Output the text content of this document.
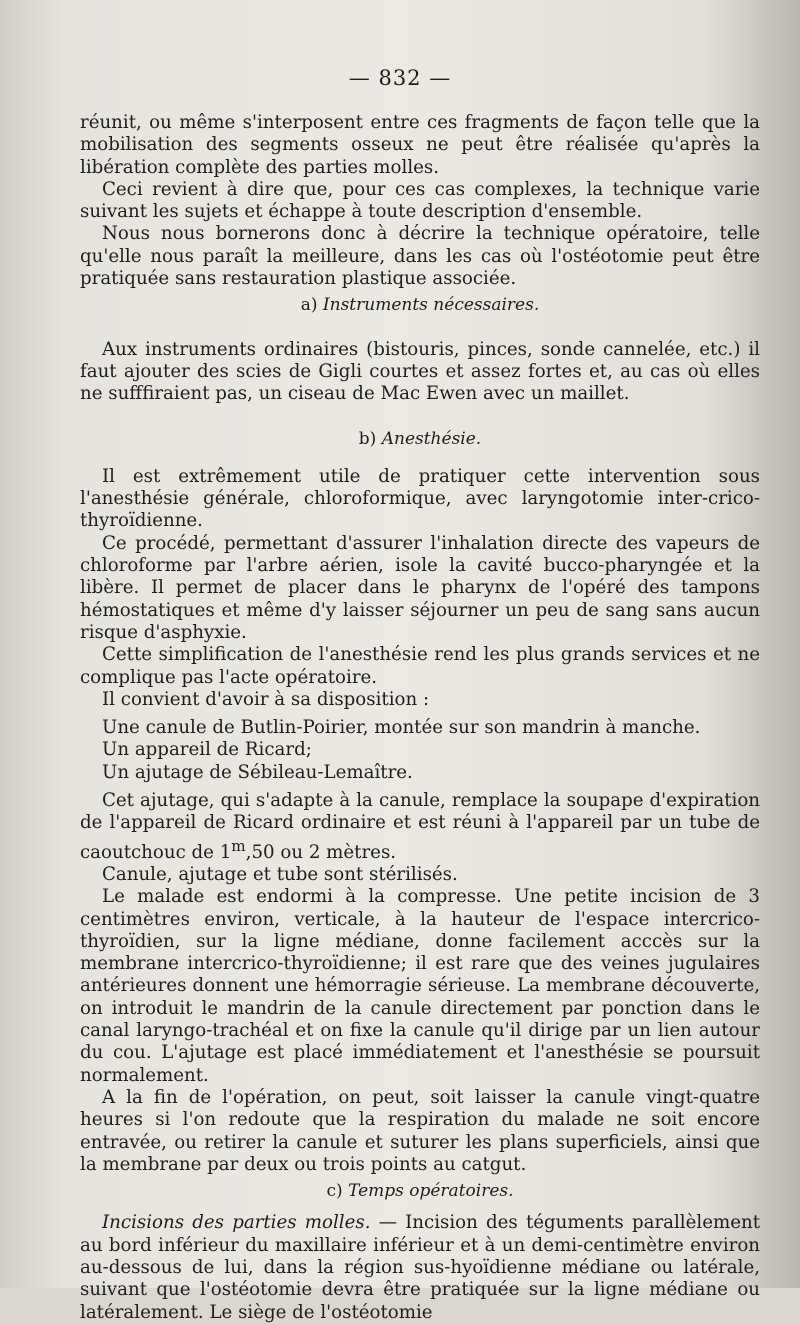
— 832 —

réunit, ou même s'interposent entre ces fragments de façon telle que la mobilisation des segments osseux ne peut être réalisée qu'après la libération complète des parties molles.

Ceci revient à dire que, pour ces cas complexes, la technique varie suivant les sujets et échappe à toute description d'ensemble.

Nous nous bornerons donc à décrire la technique opératoire, telle qu'elle nous paraît la meilleure, dans les cas où l'ostéotomie peut être pratiquée sans restauration plastique associée.

a) Instruments nécessaires.

Aux instruments ordinaires (bistouris, pinces, sonde cannelée, etc.) il faut ajouter des scies de Gigli courtes et assez fortes et, au cas où elles ne sufffiraient pas, un ciseau de Mac Ewen avec un maillet.

b) Anesthésie.

Il est extrêmement utile de pratiquer cette intervention sous l'anesthésie générale, chloroformique, avec laryngotomie inter-crico-thyroïdienne.

Ce procédé, permettant d'assurer l'inhalation directe des vapeurs de chloroforme par l'arbre aérien, isole la cavité bucco-pharyngée et la libère. Il permet de placer dans le pharynx de l'opéré des tampons hémostatiques et même d'y laisser séjourner un peu de sang sans aucun risque d'asphyxie.

Cette simplification de l'anesthésie rend les plus grands services et ne complique pas l'acte opératoire.

Il convient d'avoir à sa disposition :

Une canule de Butlin-Poirier, montée sur son mandrin à manche.

Un appareil de Ricard;

Un ajutage de Sébileau-Lemaître.

Cet ajutage, qui s'adapte à la canule, remplace la soupape d'expiration de l'appareil de Ricard ordinaire et est réuni à l'appareil par un tube de caoutchouc de 1$^m$,50 ou 2 mètres.

Canule, ajutage et tube sont stérilisés.

Le malade est endormi à la compresse. Une petite incision de 3 centimètres environ, verticale, à la hauteur de l'espace intercrico-thyroïdien, sur la ligne médiane, donne facilement acccès sur la membrane intercrico-thyroïdienne; il est rare que des veines jugulaires antérieures donnent une hémorragie sérieuse. La membrane découverte, on introduit le mandrin de la canule directement par ponction dans le canal laryngo-trachéal et on fixe la canule qu'il dirige par un lien autour du cou. L'ajutage est placé immédiatement et l'anesthésie se poursuit normalement.

A la fin de l'opération, on peut, soit laisser la canule vingt-quatre heures si l'on redoute que la respiration du malade ne soit encore entravée, ou retirer la canule et suturer les plans superficiels, ainsi que la membrane par deux ou trois points au catgut.

c) Temps opératoires.

Incisions des parties molles. — Incision des téguments parallèlement au bord inférieur du maxillaire inférieur et à un demi-centimètre environ au-dessous de lui, dans la région sus-hyoïdienne médiane ou latérale, suivant que l'ostéotomie devra être pratiquée sur la ligne médiane ou latéralement. Le siège de l'ostéotomie
